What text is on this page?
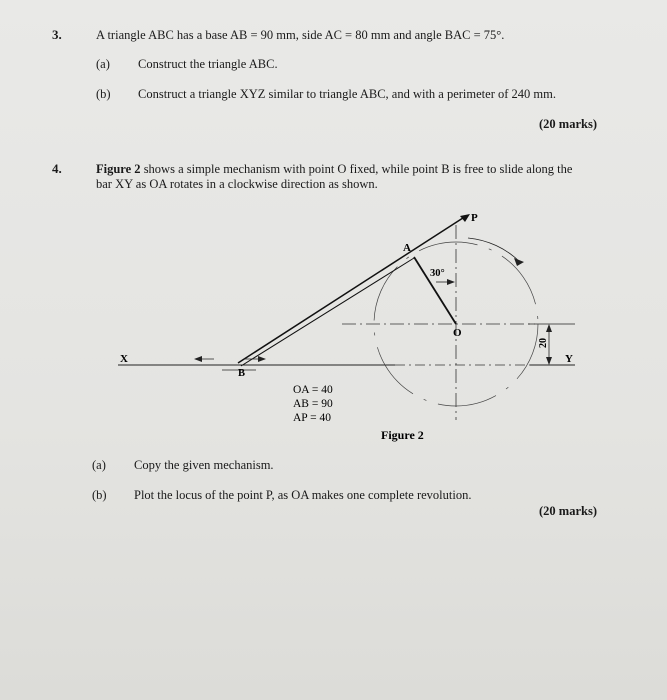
3.	A triangle ABC has a base AB = 90 mm, side AC = 80 mm and angle BAC = 75°.
(a) Construct the triangle ABC.
(b) Construct a triangle XYZ similar to triangle ABC, and with a perimeter of 240 mm.
(20 marks)
4.	Figure 2 shows a simple mechanism with point O fixed, while point B is free to slide along the
bar XY as OA rotates in a clockwise direction as shown.
P
A
30°
O
B
X	Y
20
OA = 40
AB = 90
AP = 40
Figure 2
(a) Copy the given mechanism.
(b) Plot the locus of the point P, as OA makes one complete revolution.
(20 marks)
